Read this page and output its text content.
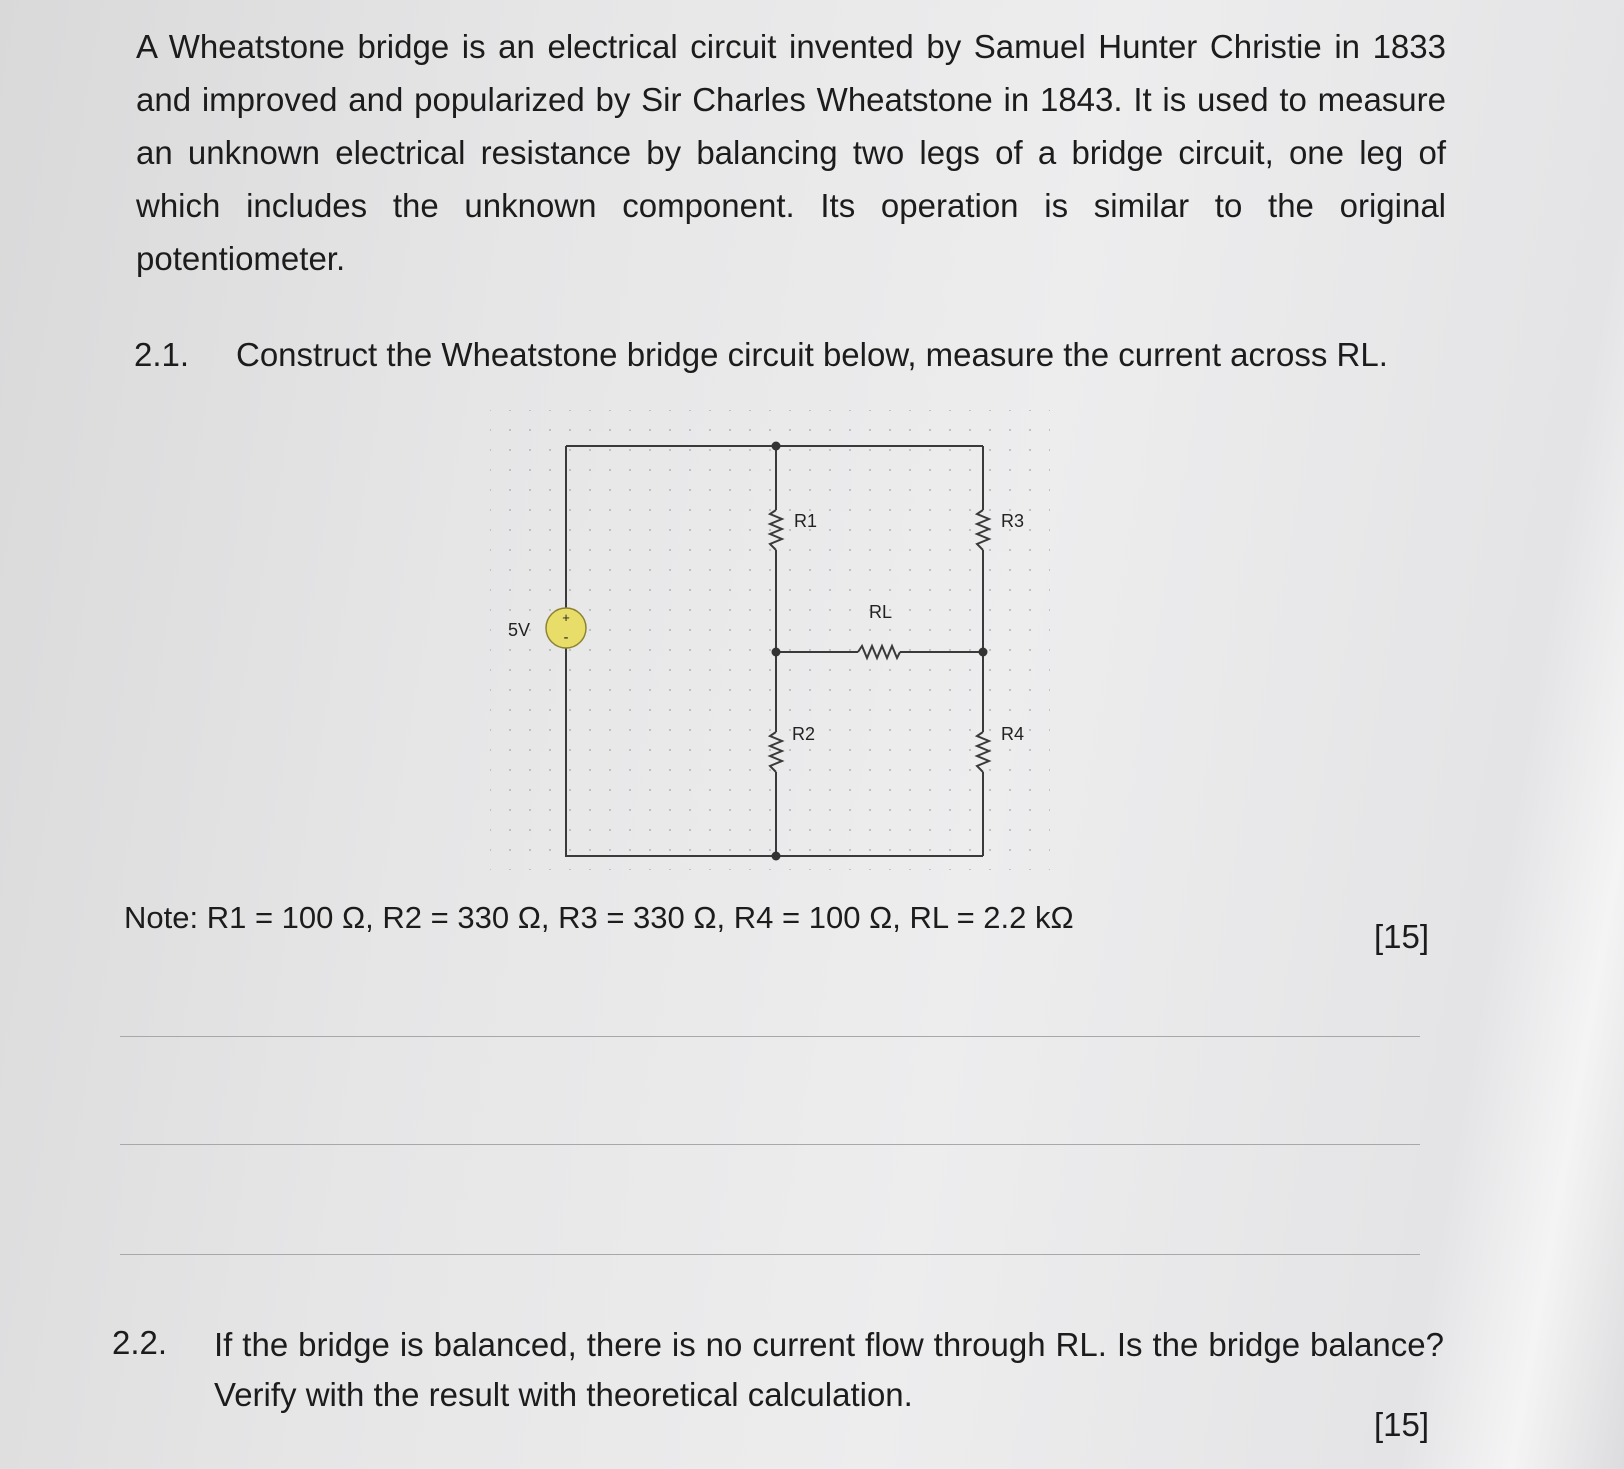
A Wheatstone bridge is an electrical circuit invented by Samuel Hunter Christie in 1833 and improved and popularized by Sir Charles Wheatstone in 1843. It is used to measure an unknown electrical resistance by balancing two legs of a bridge circuit, one leg of which includes the unknown component. Its operation is similar to the original potentiometer.

2.1. Construct the Wheatstone bridge circuit below, measure the current across RL.
+
-
5V
R1	R3
RL
R2	R4
Note: R1 = 100 Ω, R2 = 330 Ω, R3 = 330 Ω, R4 = 100 Ω, RL = 2.2 kΩ
[15]
2.2. If the bridge is balanced, there is no current flow through RL. Is the bridge balance? Verify with the result with theoretical calculation.
[15]
